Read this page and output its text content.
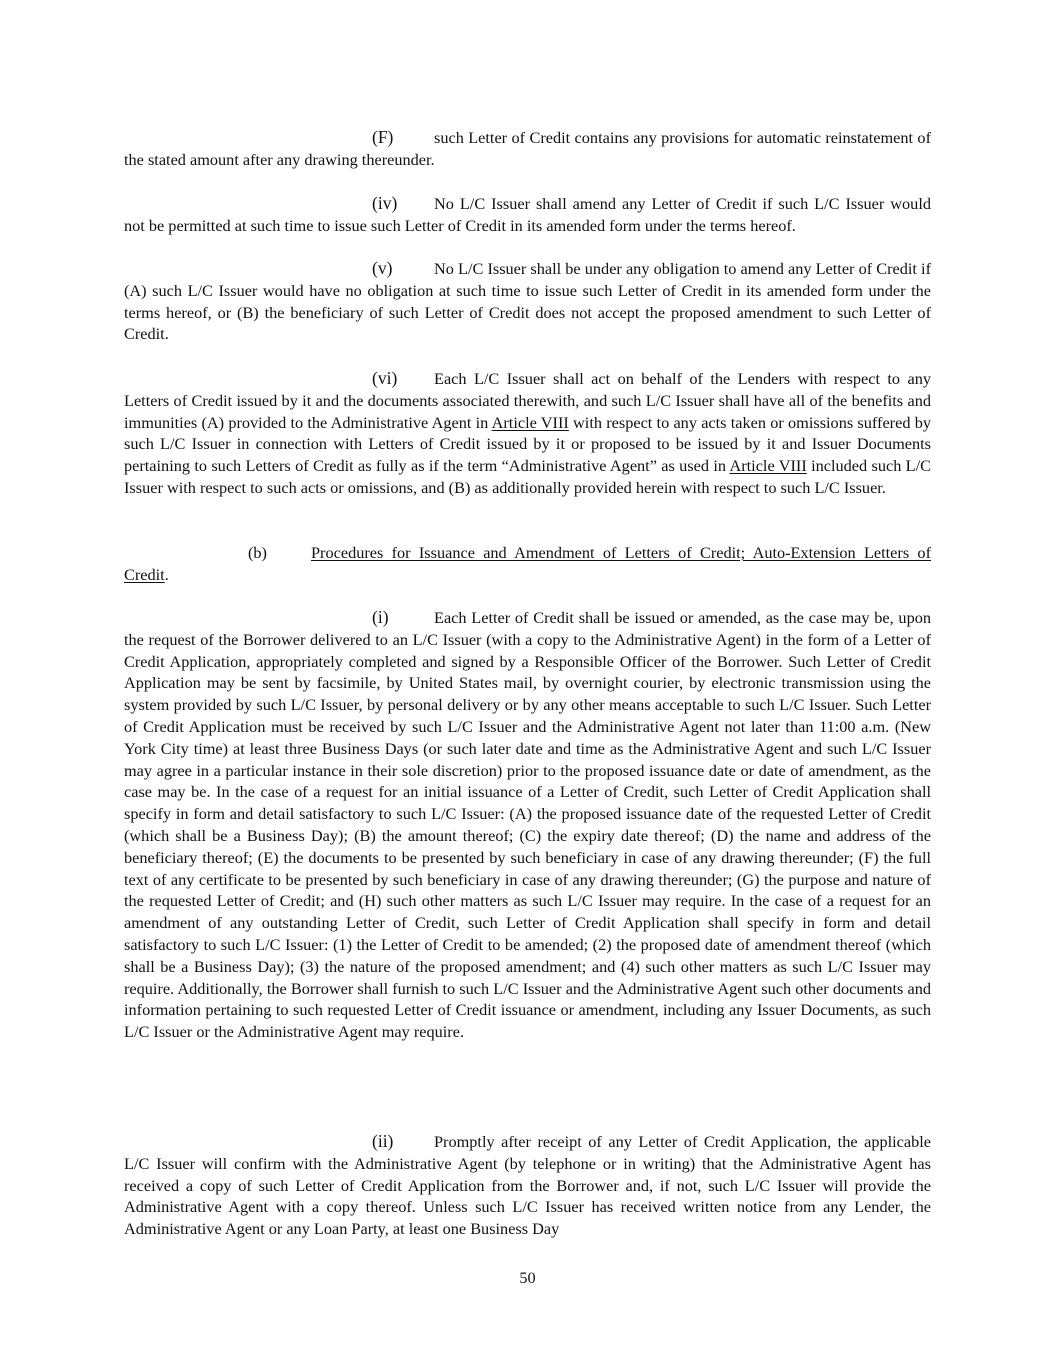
(F) such Letter of Credit contains any provisions for automatic reinstatement of the stated amount after any drawing thereunder.

(iv) No L/C Issuer shall amend any Letter of Credit if such L/C Issuer would not be permitted at such time to issue such Letter of Credit in its amended form under the terms hereof.

(v)	No L/C Issuer shall be under any obligation to amend any Letter of Credit if (A) such L/C Issuer would have no obligation at such time to issue such Letter of Credit in its amended form under the terms hereof, or (B) the beneficiary of such Letter of Credit does not accept the proposed amendment to such Letter of Credit.

(vi) Each L/C Issuer shall act on behalf of the Lenders with respect to any Letters of Credit issued by it and the documents associated therewith, and such L/C Issuer shall have all of the benefits and immunities (A) provided to the Administrative Agent in Article VIII with respect to any acts taken or omissions suffered by such L/C Issuer in connection with Letters of Credit issued by it or proposed to be issued by it and Issuer Documents pertaining to such Letters of Credit as fully as if the term “Administrative Agent” as used in Article VIII included such L/C Issuer with respect to such acts or omissions, and (B) as additionally provided herein with respect to such L/C Issuer.

(b)	Procedures for Issuance and Amendment of Letters of Credit; Auto-Extension Letters of Credit.

(i)	Each Letter of Credit shall be issued or amended, as the case may be, upon the request of the Borrower delivered to an L/C Issuer (with a copy to the Administrative Agent) in the form of a Letter of Credit Application, appropriately completed and signed by a Responsible Officer of the Borrower. Such Letter of Credit Application may be sent by facsimile, by United States mail, by overnight courier, by electronic transmission using the system provided by such L/C Issuer, by personal delivery or by any other means acceptable to such L/C Issuer. Such Letter of Credit Application must be received by such L/C Issuer and the Administrative Agent not later than 11:00 a.m. (New York City time) at least three Business Days (or such later date and time as the Administrative Agent and such L/C Issuer may agree in a particular instance in their sole discretion) prior to the proposed issuance date or date of amendment, as the case may be. In the case of a request for an initial issuance of a Letter of Credit, such Letter of Credit Application shall specify in form and detail satisfactory to such L/C Issuer: (A) the proposed issuance date of the requested Letter of Credit (which shall be a Business Day); (B) the amount thereof; (C) the expiry date thereof; (D) the name and address of the beneficiary thereof; (E) the documents to be presented by such beneficiary in case of any drawing thereunder; (F) the full text of any certificate to be presented by such beneficiary in case of any drawing thereunder; (G) the purpose and nature of the requested Letter of Credit; and (H) such other matters as such L/C Issuer may require. In the case of a request for an amendment of any outstanding Letter of Credit, such Letter of Credit Application shall specify in form and detail satisfactory to such L/C Issuer: (1) the Letter of Credit to be amended; (2) the proposed date of amendment thereof (which shall be a Business Day); (3) the nature of the proposed amendment; and (4) such other matters as such L/C Issuer may require. Additionally, the Borrower shall furnish to such L/C Issuer and the Administrative Agent such other documents and information pertaining to such requested Letter of Credit issuance or amendment, including any Issuer Documents, as such L/C Issuer or the Administrative Agent may require.

(ii) Promptly after receipt of any Letter of Credit Application, the applicable L/C Issuer will confirm with the Administrative Agent (by telephone or in writing) that the Administrative Agent has received a copy of such Letter of Credit Application from the Borrower and, if not, such L/C Issuer will provide the Administrative Agent with a copy thereof. Unless such L/C Issuer has received written notice from any Lender, the Administrative Agent or any Loan Party, at least one Business Day

50
